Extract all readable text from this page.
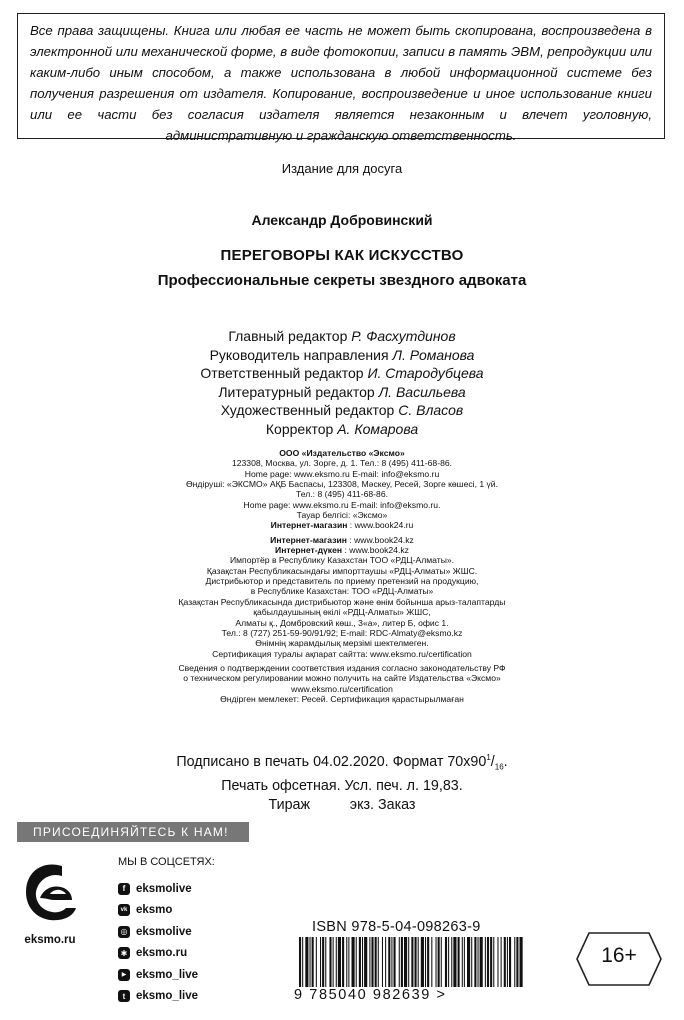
Все права защищены. Книга или любая ее часть не может быть скопирована, воспроизведена в электронной или механической форме, в виде фотокопии, записи в память ЭВМ, репродукции или каким-либо иным способом, а также использована в любой информационной системе без получения разрешения от издателя. Копирование, воспроизведение и иное использование книги или ее части без согласия издателя является незаконным и влечет уголовную, административную и гражданскую ответственность.
Издание для досуга
Александр Добровинский
ПЕРЕГОВОРЫ КАК ИСКУССТВО
Профессиональные секреты звездного адвоката
Главный редактор Р. Фасхутдинов
Руководитель направления Л. Романова
Ответственный редактор И. Стародубцева
Литературный редактор Л. Васильева
Художественный редактор С. Власов
Корректор А. Комарова
ООО «Издательство «Эксмо»
123308, Москва, ул. Зорге, д. 1. Тел.: 8 (495) 411-68-86.
Home page: www.eksmo.ru E-mail: info@eksmo.ru
Өндіруші: «ЭКСМО» АҚБ Баспасы, 123308, Мәскеу, Ресей, Зорге көшесі, 1 үй.
Тел.: 8 (495) 411-68-86.
Home page: www.eksmo.ru E-mail: info@eksmo.ru.
Тауар белгісі: «Эксмо»
Интернет-магазин : www.book24.ru
Интернет-магазин : www.book24.kz
Интернет-дүкен : www.book24.kz
Импортёр в Республику Казахстан ТОО «РДЦ-Алматы».
Қазақстан Республикасындағы импорттаушы «РДЦ-Алматы» ЖШС.
Дистрибьютор и представитель по приему претензий на продукцию,
в Республике Казахстан: ТОО «РДЦ-Алматы»
Қазақстан Республикасында дистрибьютор және өнім бойынша арыз-талаптарды
қабылдаушының өкілі «РДЦ-Алматы» ЖШС,
Алматы қ., Домбровский көш., 3«а», литер Б, офис 1.
Тел.: 8 (727) 251-59-90/91/92; E-mail: RDC-Almaty@eksmo.kz
Өнімнің жарамдылық мерзімі шектелмеген.
Сертификация туралы ақпарат сайтта: www.eksmo.ru/certification
Сведения о подтверждении соответствия издания согласно законодательству РФ
о техническом регулировании можно получить на сайте Издательства «Эксмо»
www.eksmo.ru/certification
Өндірген мемлекет: Ресей. Сертификация қарастырылмаған
Подписано в печать 04.02.2020. Формат $70х90^1/_{16}$.
Печать офсетная. Усл. печ. л. 19,83.
Тираж          экз. Заказ
ПРИСОЕДИНЯЙТЕСЬ К НАМ!
eksmo.ru
МЫ В СОЦСЕТЯХ:
f eksmolive
vk eksmo
◎ eksmolive
✱ eksmo.ru
▶ eksmo_live
t eksmo_live
ISBN 978-5-04-098263-9
9 785040 982639 >
16+
